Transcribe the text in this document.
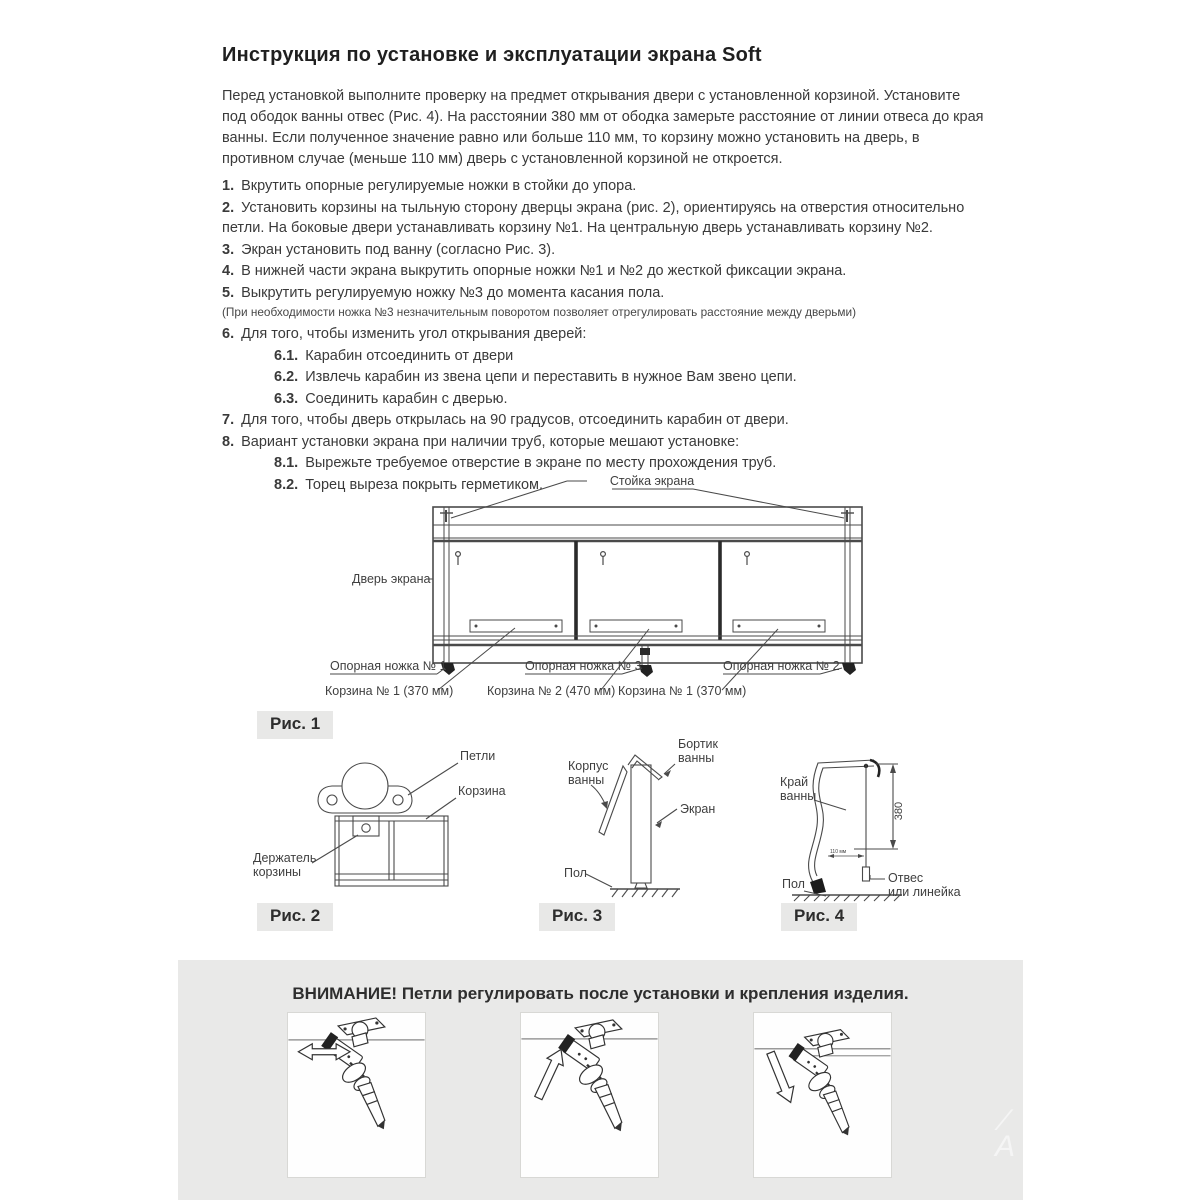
Инструкция по установке и эксплуатации экрана Soft
Перед установкой выполните проверку на предмет открывания двери с установленной корзиной. Установите под ободок ванны отвес (Рис. 4). На расстоянии 380 мм от ободка замерьте расстояние от линии отвеса до края ванны. Если полученное значение равно или больше 110 мм, то корзину можно установить на дверь, в противном случае (меньше 110 мм) дверь с установленной корзиной не откроется.
1. Вкрутить опорные регулируемые ножки в стойки до упора.
2. Установить корзины на тыльную сторону дверцы экрана (рис. 2), ориентируясь на отверстия относительно петли. На боковые двери устанавливать корзину №1. На центральную дверь устанавливать корзину №2.
3. Экран установить под ванну (согласно Рис. 3).
4. В нижней части экрана выкрутить опорные ножки №1 и №2 до жесткой фиксации экрана.
5. Выкрутить регулируемую ножку №3 до момента касания пола.
(При необходимости ножка №3 незначительным поворотом позволяет отрегулировать расстояние между дверьми)
6. Для того, чтобы изменить угол открывания дверей:
6.1. Карабин отсоединить от двери
6.2. Извлечь карабин из звена цепи и переставить в нужное Вам звено цепи.
6.3. Соединить карабин с дверью.
7. Для того, чтобы дверь открылась на 90 градусов, отсоединить карабин от двери.
8. Вариант установки экрана при наличии труб, которые мешают установке:
8.1. Вырежьте требуемое отверстие в экране по месту прохождения труб.
8.2. Торец выреза покрыть герметиком.	Стойка экрана
Дверь экрана
Опорная ножка № 1	Опорная ножка № 3	Опорная ножка № 2
Корзина № 1 (370 мм)	Корзина № 2 (470 мм) Корзина № 1 (370 мм)
Рис. 1
Петли
Корзина
Держатель
корзины
Рис. 2
Бортик
ванны
Корпус
ванны
Экран
Пол
Рис. 3
Край
ванны
380
110 мм
Отвес
или линейка
Пол
Рис. 4
ВНИМАНИЕ! Петли регулировать после установки и крепления изделия.
∕
A
